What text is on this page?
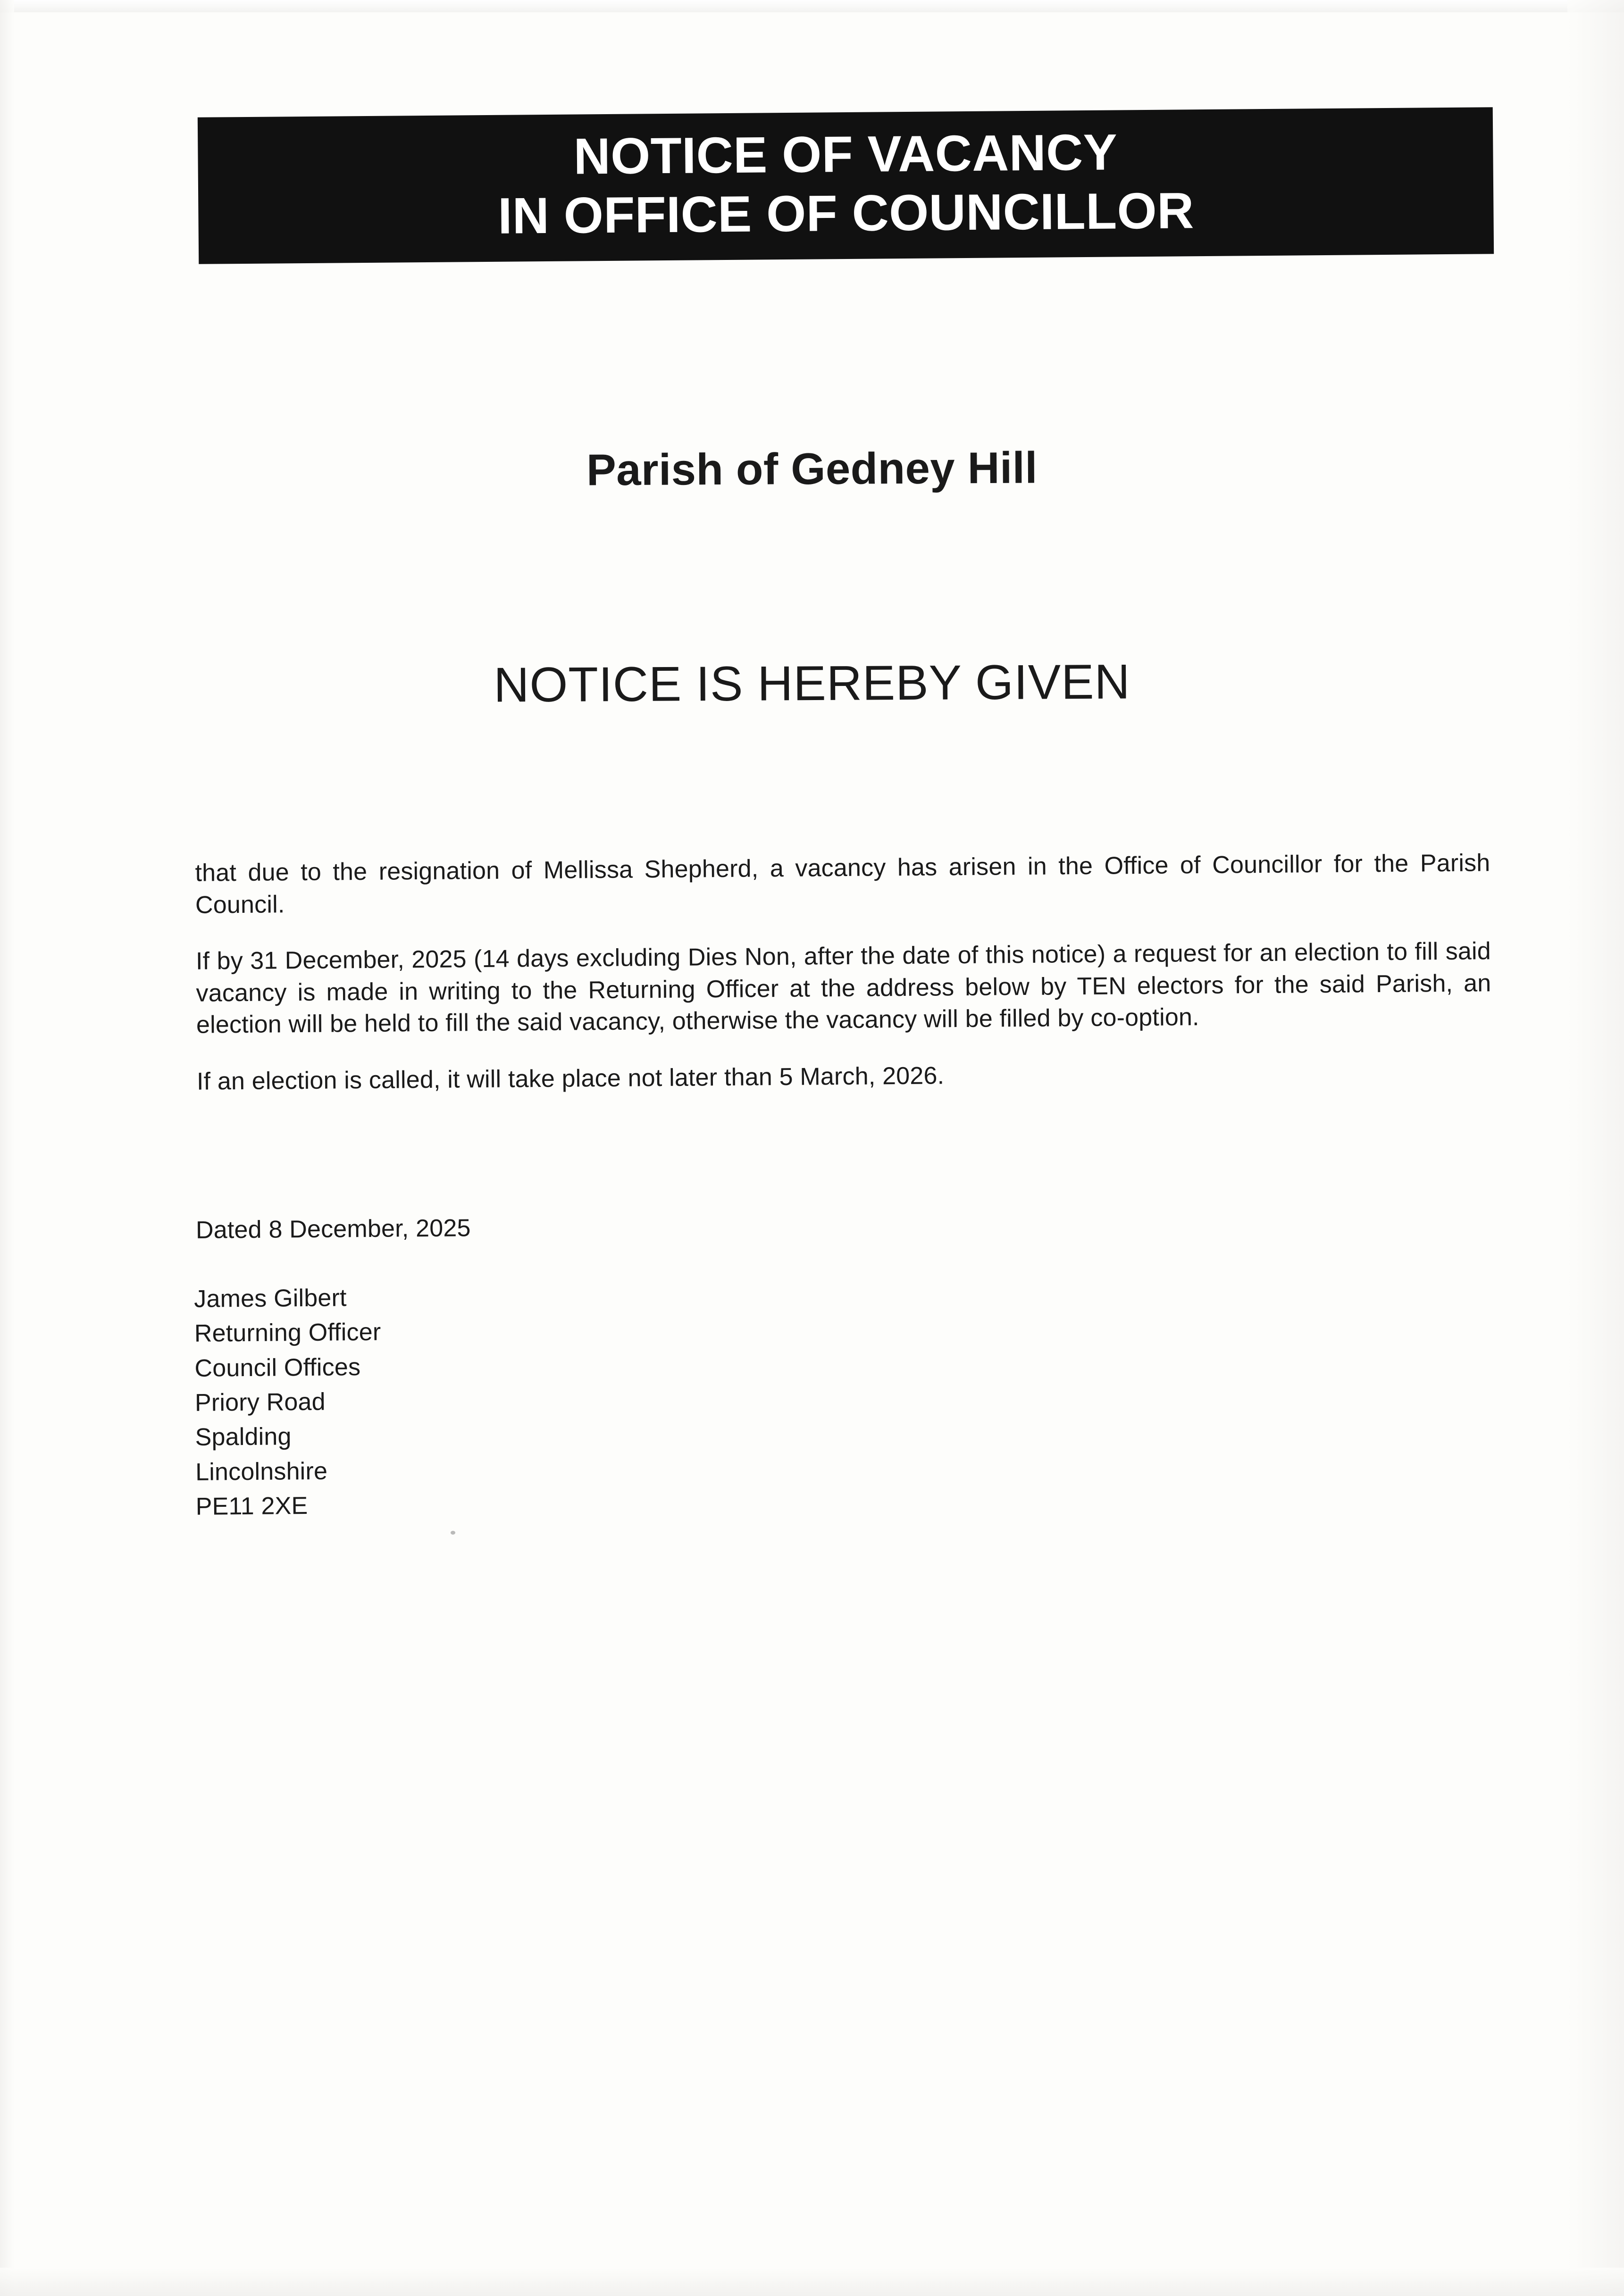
NOTICE OF VACANCY
IN OFFICE OF COUNCILLOR
Parish of Gedney Hill
NOTICE IS HEREBY GIVEN

that due to the resignation of Mellissa Shepherd, a vacancy has arisen in the Office of Councillor for the Parish Council.

If by 31 December, 2025 (14 days excluding Dies Non, after the date of this notice) a request for an election to fill said vacancy is made in writing to the Returning Officer at the address below by TEN electors for the said Parish, an election will be held to fill the said vacancy, otherwise the vacancy will be filled by co-option.

If an election is called, it will take place not later than 5 March, 2026.

Dated 8 December, 2025
James Gilbert
Returning Officer
Council Offices
Priory Road
Spalding
Lincolnshire
PE11 2XE
